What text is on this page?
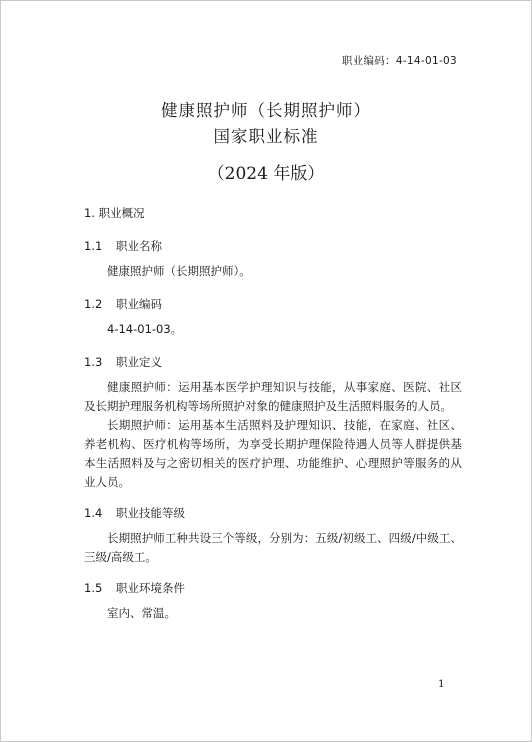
职业编码：4-14-01-03
健康照护师（长期照护师）
国家职业标准
（2024 年版）
1. 职业概况
1.1 职业名称
健康照护师（长期照护师）。
1.2 职业编码
4-14-01-03。
1.3 职业定义
健康照护师：运用基本医学护理知识与技能，从事家庭、医院、社区及长期护理服务机构等场所照护对象的健康照护及生活照料服务的人员。
长期照护师：运用基本生活照料及护理知识、技能，在家庭、社区、养老机构、医疗机构等场所，为享受长期护理保险待遇人员等人群提供基本生活照料及与之密切相关的医疗护理、功能维护、心理照护等服务的从业人员。
1.4 职业技能等级
长期照护师工种共设三个等级，分别为：五级/初级工、四级/中级工、三级/高级工。
1.5 职业环境条件
室内、常温。
1
